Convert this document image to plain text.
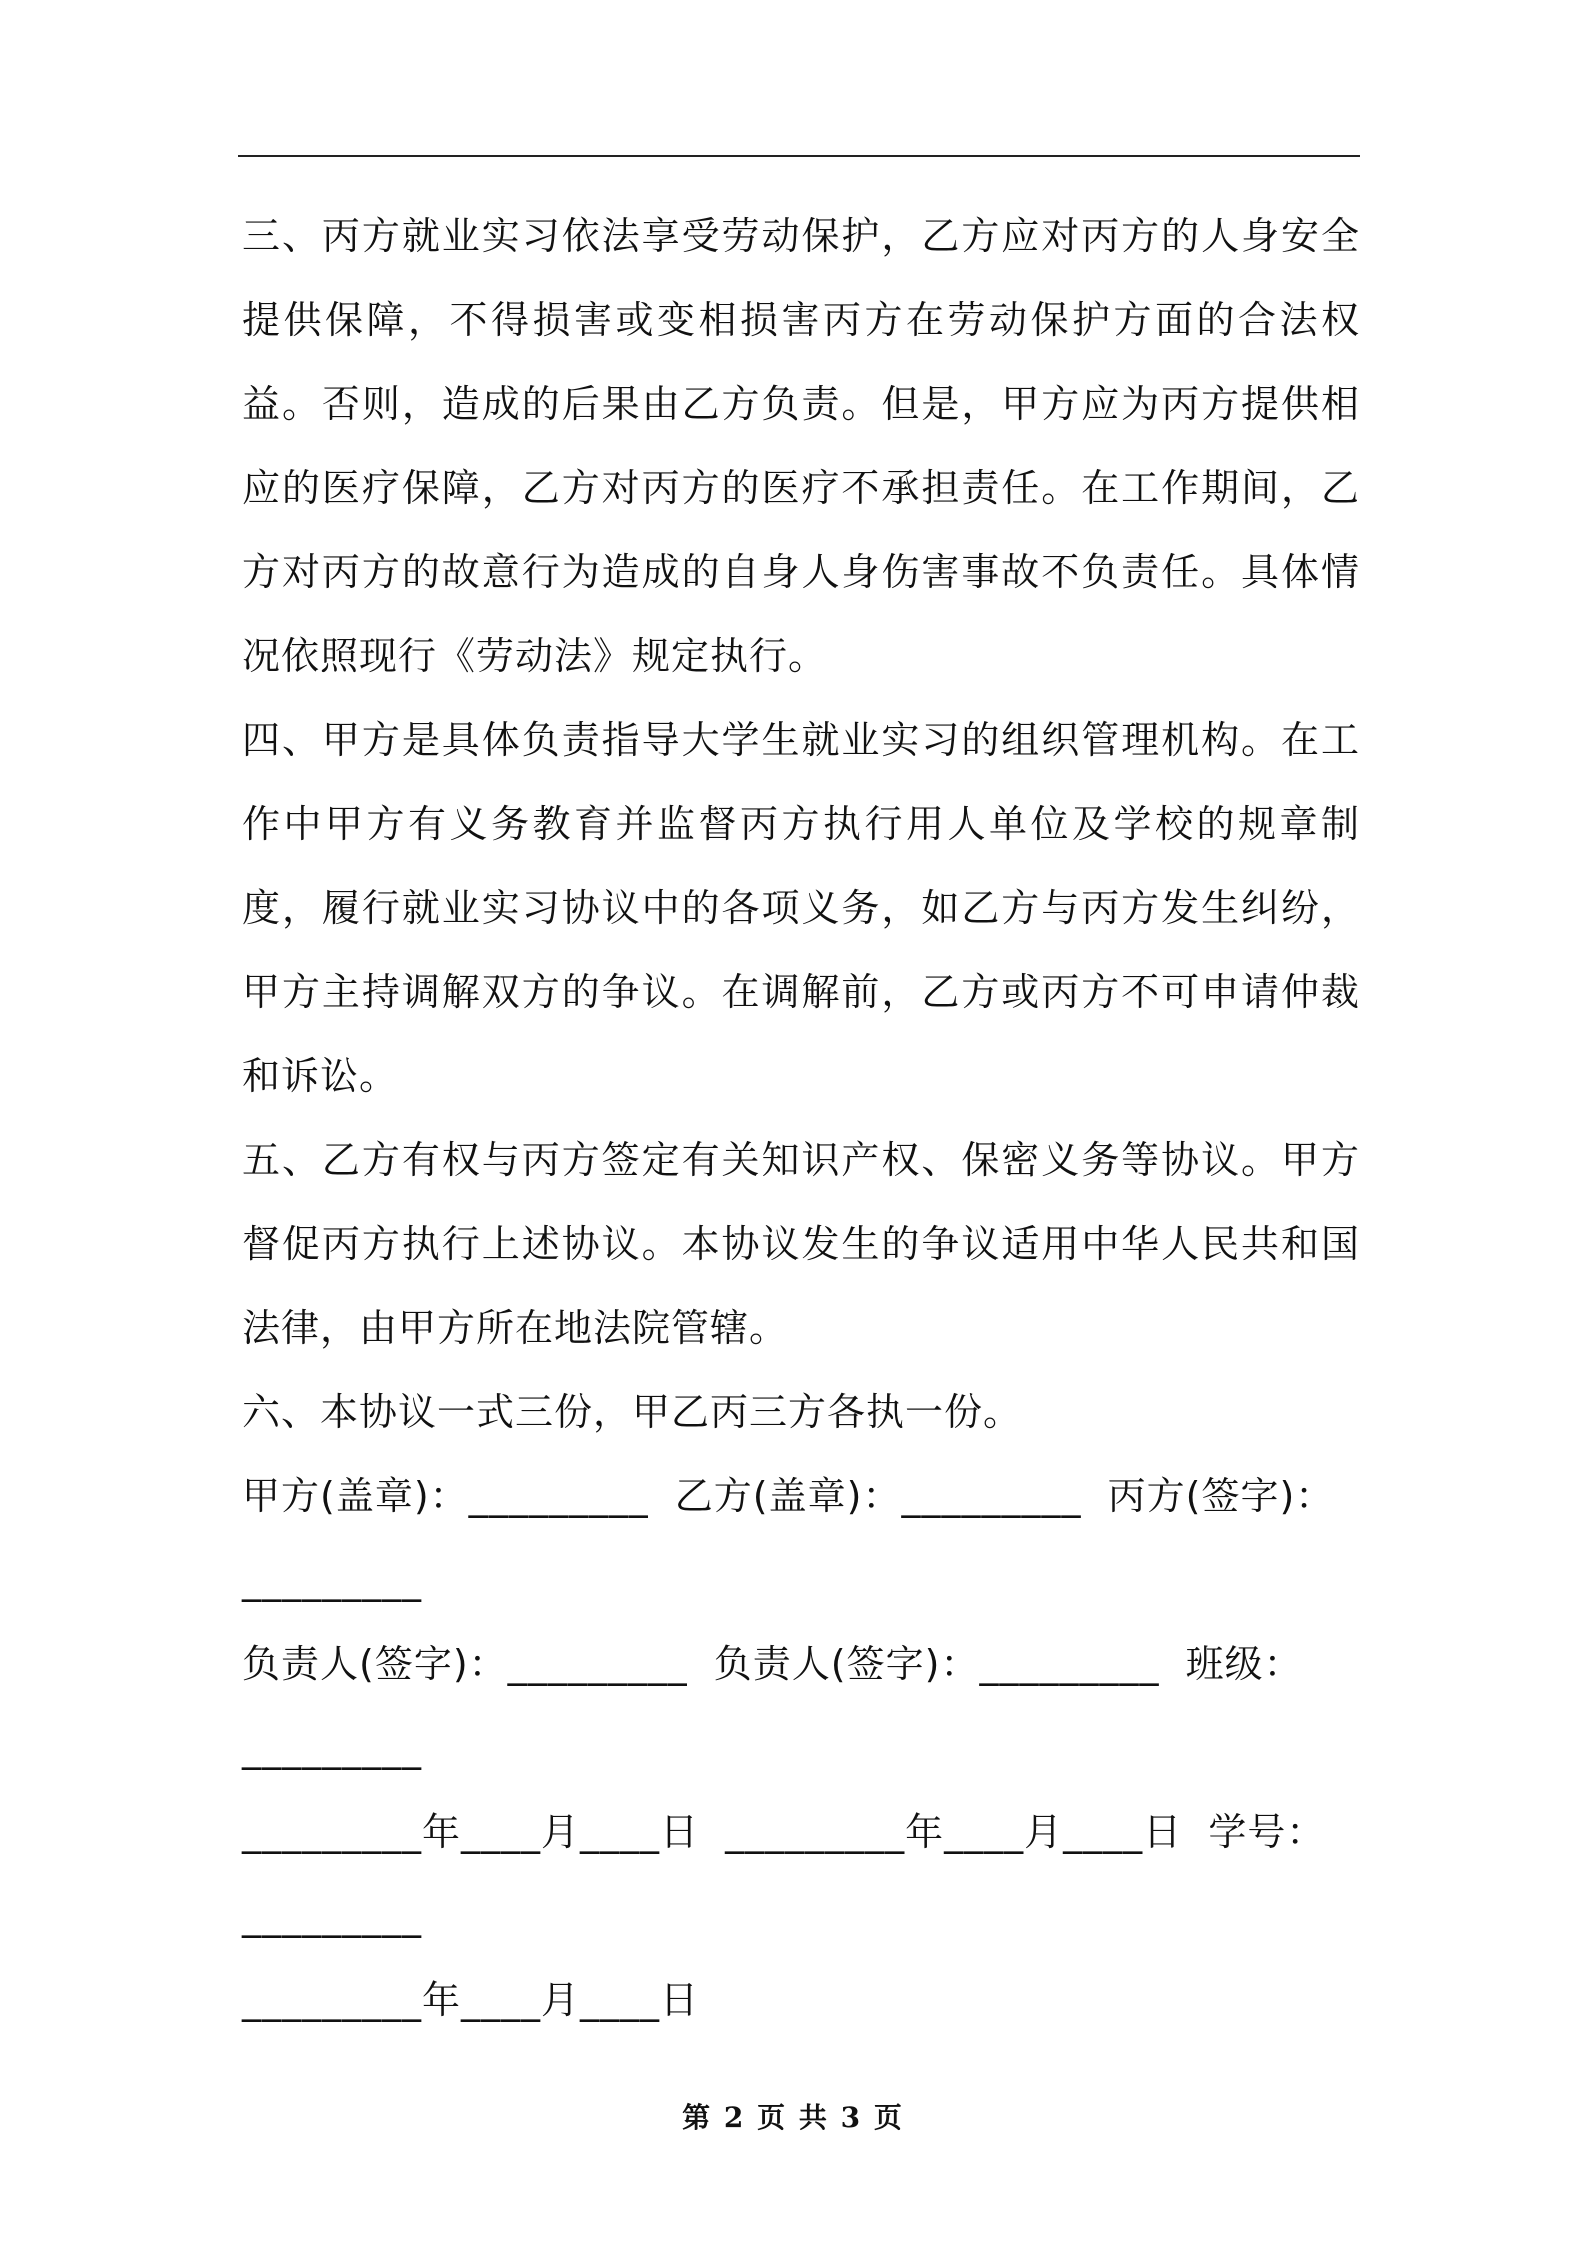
三、丙方就业实习依法享受劳动保护，乙方应对丙方的人身安全提供保障，不得损害或变相损害丙方在劳动保护方面的合法权益。否则，造成的后果由乙方负责。但是，甲方应为丙方提供相应的医疗保障，乙方对丙方的医疗不承担责任。在工作期间，乙方对丙方的故意行为造成的自身人身伤害事故不负责任。具体情况依照现行《劳动法》规定执行。

四、甲方是具体负责指导大学生就业实习的组织管理机构。在工作中甲方有义务教育并监督丙方执行用人单位及学校的规章制度，履行就业实习协议中的各项义务，如乙方与丙方发生纠纷，甲方主持调解双方的争议。在调解前，乙方或丙方不可申请仲裁和诉讼。

五、乙方有权与丙方签定有关知识产权、保密义务等协议。甲方督促丙方执行上述协议。本协议发生的争议适用中华人民共和国法律，由甲方所在地法院管辖。

六、本协议一式三份，甲乙丙三方各执一份。

甲方(盖章)：_________  乙方(盖章)：_________  丙方(签字)：

_________

负责人(签字)：_________  负责人(签字)：_________  班级：

_________

_________年____月____日  _________年____月____日  学号：

_________

_________年____月____日

第 2 页 共 3 页
